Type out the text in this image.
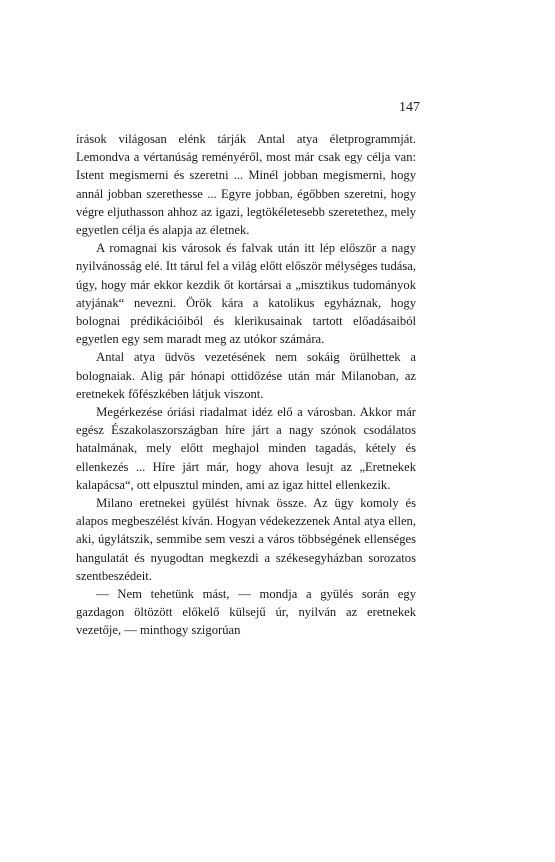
147

írások világosan elénk tárják Antal atya életprogrammját. Lemondva a vértanúság reményéről, most már csak egy célja van: Istent megismerni és szeretni ... Minél jobban megismerni, hogy annál jobban szerethesse ... Egyre jobban, égőbben szeretni, hogy végre eljuthasson ahhoz az igazi, legtökéletesebb szeretethez, mely egyetlen célja és alapja az életnek.

A romagnai kis városok és falvak után itt lép először a nagy nyilvánosság elé. Itt tárul fel a világ előtt először mélységes tudása, úgy, hogy már ekkor kezdik őt kortársai a „misztikus tudományok atyjának“ nevezni. Örök kára a katolikus egyháznak, hogy bolognai prédikációiból és klerikusainak tartott előadásaiból egyetlen egy sem maradt meg az utókor számára.

Antal atya üdvös vezetésének nem sokáig örülhettek a bolognaiak. Alig pár hónapi ottidőzése után már Milanoban, az eretnekek főfészkében látjuk viszont.

Megérkezése óriási riadalmat idéz elő a városban. Akkor már egész Északolaszországban híre járt a nagy szónok csodálatos hatalmának, mely előtt meghajol minden tagadás, kétely és ellenkezés ... Híre járt már, hogy ahova lesujt az „Eretnekek kalapácsa“, ott elpusztul minden, ami az igaz hittel ellenkezik.

Milano eretnekei gyülést hívnak össze. Az ügy komoly és alapos megbeszélést kíván. Hogyan védekezzenek Antal atya ellen, aki, úgylátszik, semmibe sem veszi a város többségének ellenséges hangulatát és nyugodtan megkezdi a székesegyházban sorozatos szentbeszédeit.

— Nem tehetünk mást, — mondja a gyülés során egy gazdagon öltözött előkelő külsejű úr, nyilván az eretnekek vezetője, — minthogy szigorúan
